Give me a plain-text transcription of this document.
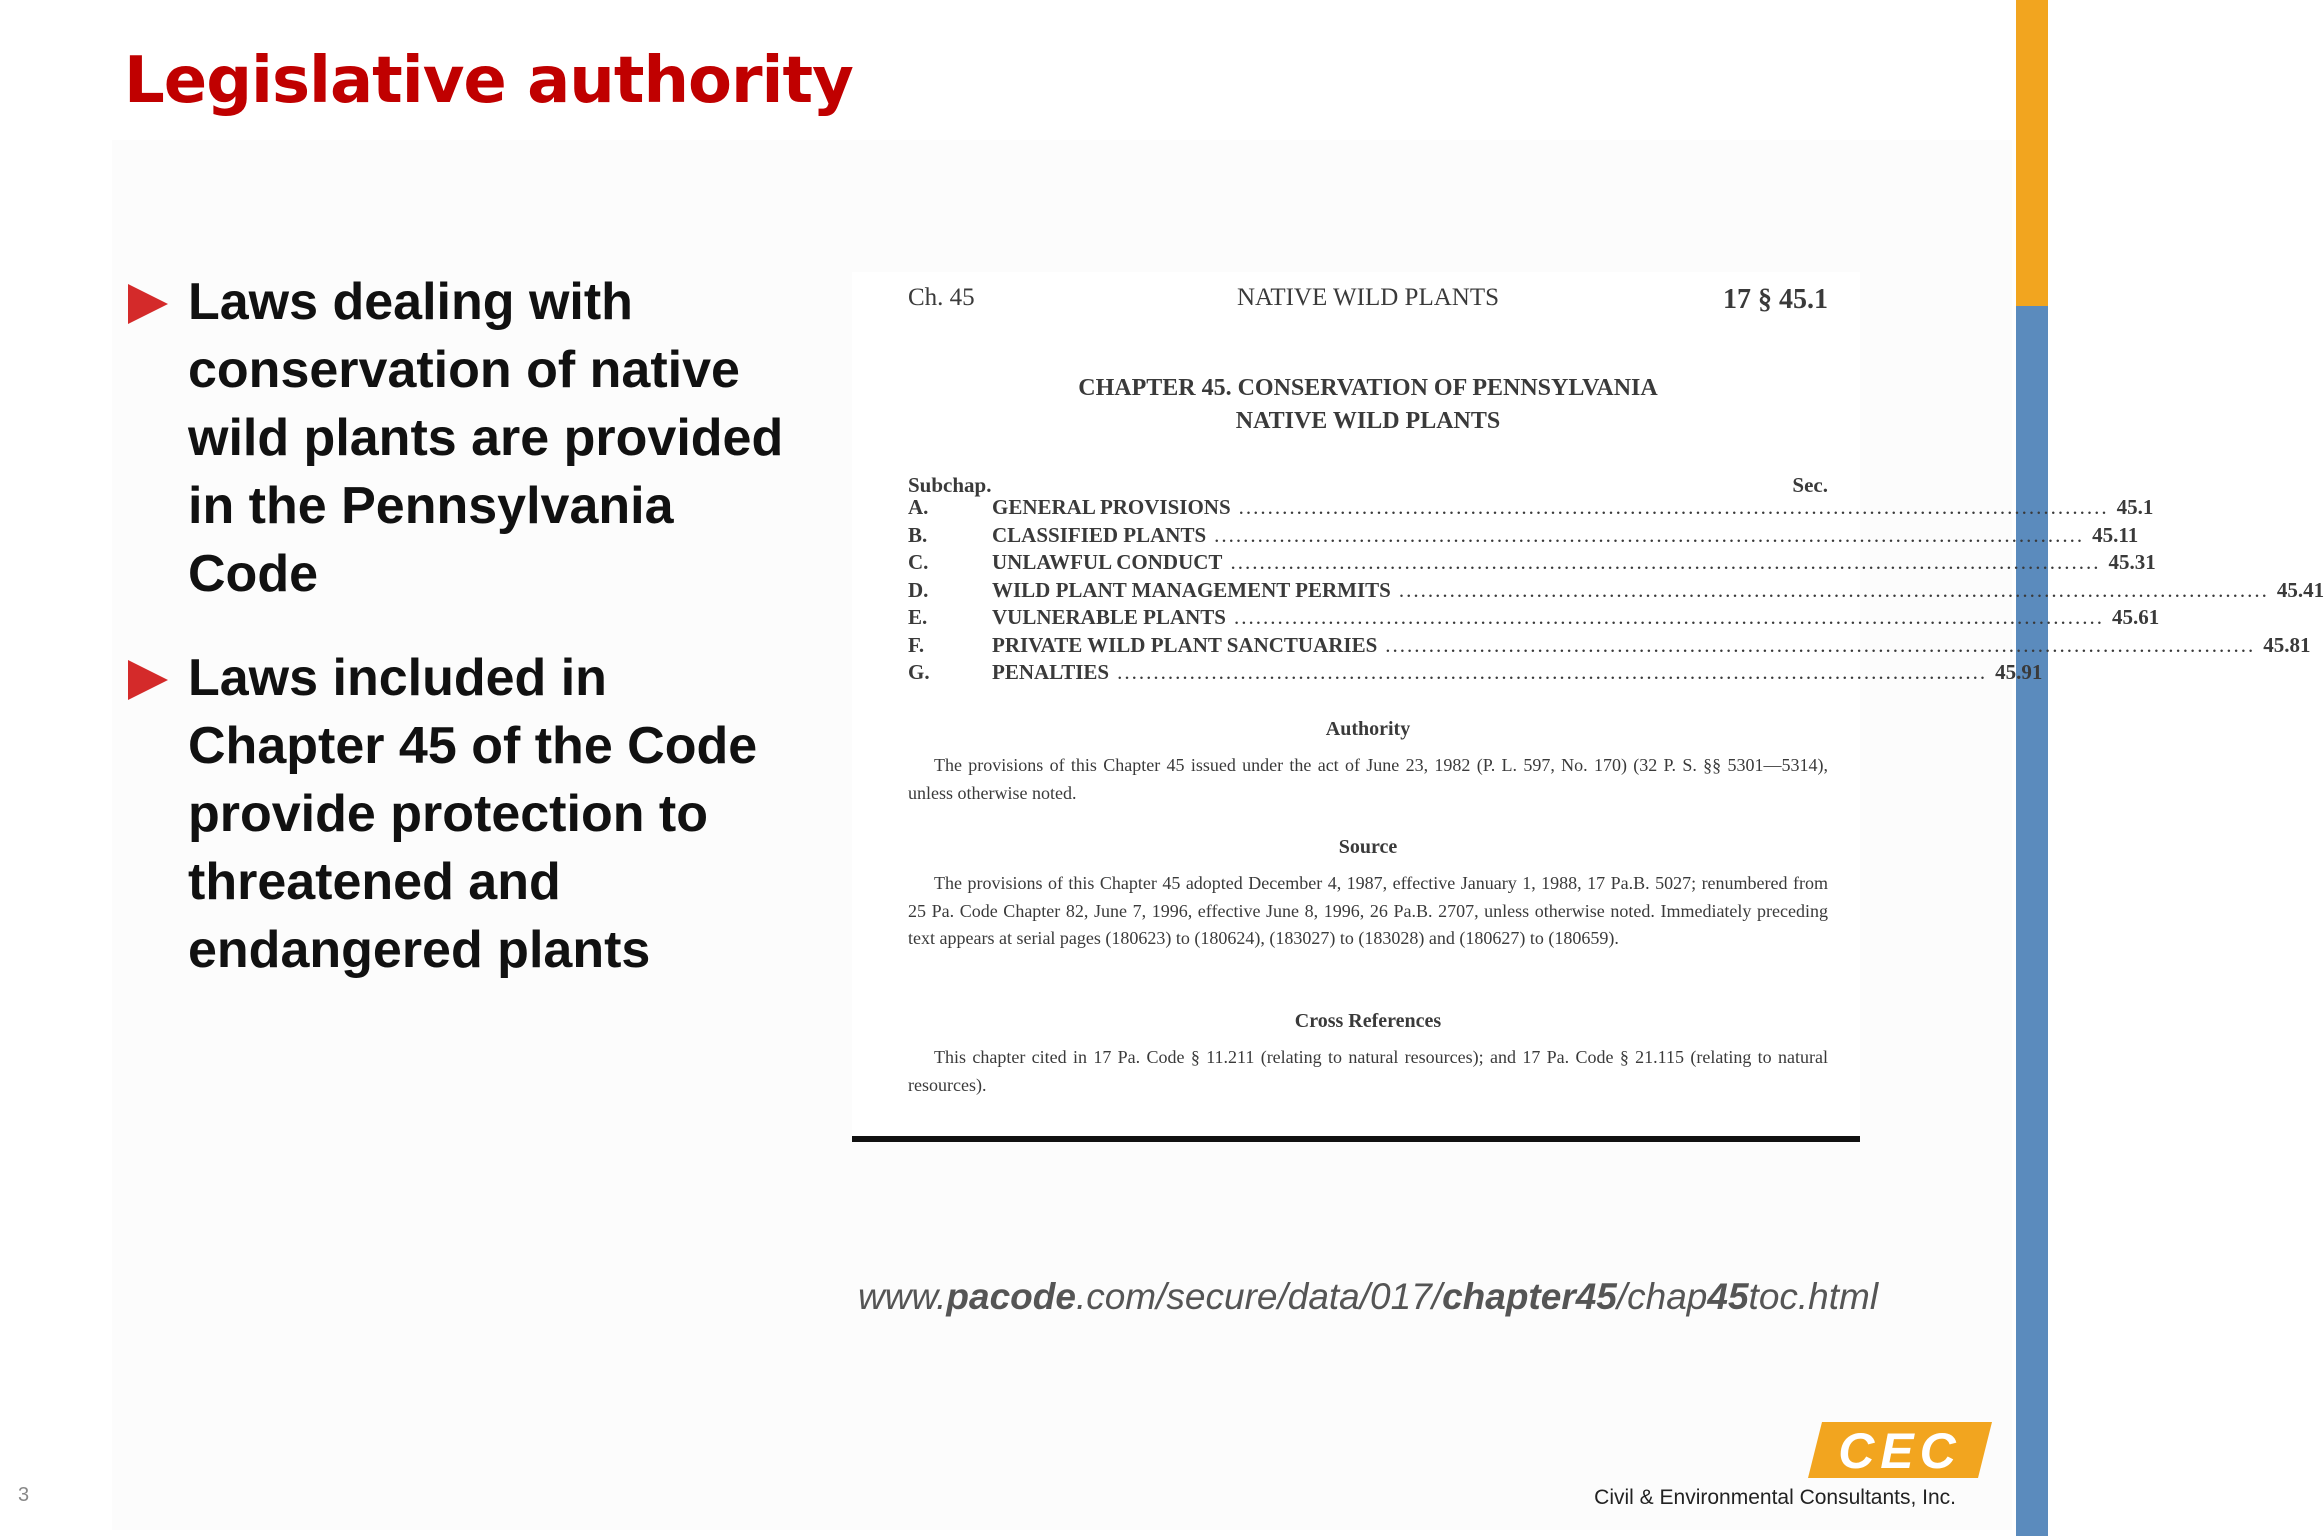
Legislative authority
Laws dealing with conservation of native wild plants are provided in the Pennsylvania Code
Laws included in Chapter 45 of the Code provide protection to threatened and endangered plants
Ch. 45	NATIVE WILD PLANTS	17 § 45.1
CHAPTER 45. CONSERVATION OF PENNSYLVANIA
NATIVE WILD PLANTS
Subchap.	Sec.
A.	GENERAL PROVISIONS ........................................................................................................................ 45.1
B.	CLASSIFIED PLANTS ........................................................................................................................ 45.11
C.	UNLAWFUL CONDUCT ........................................................................................................................ 45.31
D.	WILD PLANT MANAGEMENT PERMITS ........................................................................................................................ 45.41
E.	VULNERABLE PLANTS ........................................................................................................................ 45.61
F.	PRIVATE WILD PLANT SANCTUARIES ........................................................................................................................ 45.81
G.	PENALTIES ........................................................................................................................ 45.91
Authority
The provisions of this Chapter 45 issued under the act of June 23, 1982 (P. L. 597, No. 170) (32 P. S. §§ 5301—5314), unless otherwise noted.
Source
The provisions of this Chapter 45 adopted December 4, 1987, effective January 1, 1988, 17 Pa.B. 5027; renumbered from 25 Pa. Code Chapter 82, June 7, 1996, effective June 8, 1996, 26 Pa.B. 2707, unless otherwise noted. Immediately preceding text appears at serial pages (180623) to (180624), (183027) to (183028) and (180627) to (180659).
Cross References
This chapter cited in 17 Pa. Code § 11.211 (relating to natural resources); and 17 Pa. Code § 21.115 (relating to natural resources).
www.pacode.com/secure/data/017/chapter45/chap45toc.html
3
CEC
Civil & Environmental Consultants, Inc.
